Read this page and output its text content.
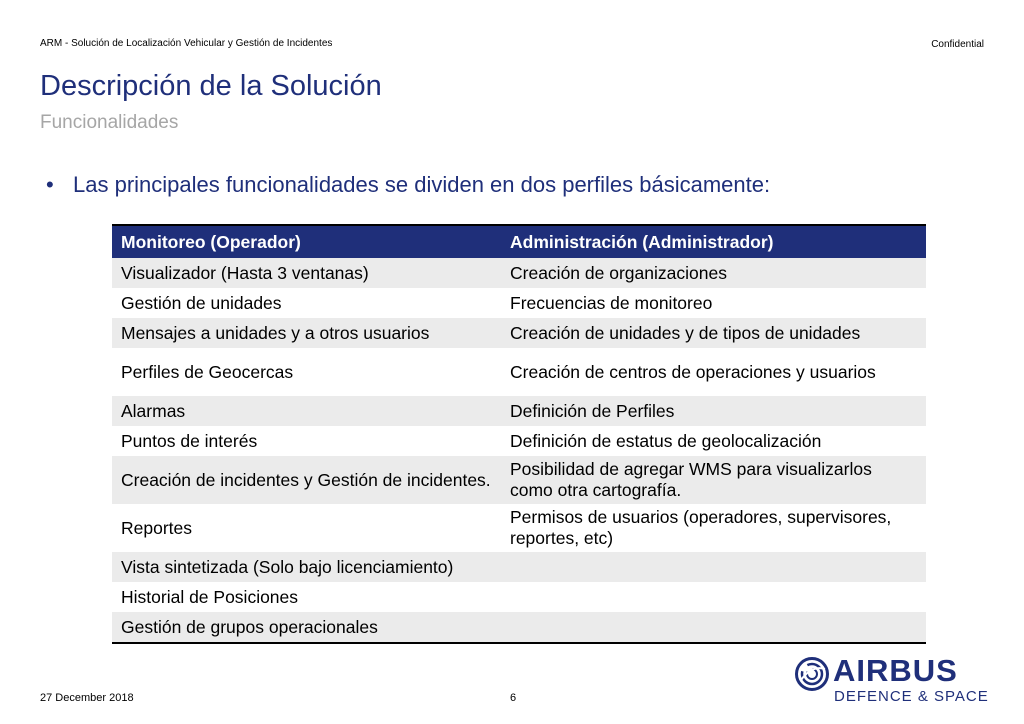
ARM - Solución de Localización Vehicular y Gestión de Incidentes	Confidential
Descripción de la Solución
Funcionalidades
• Las principales funcionalidades se dividen en dos perfiles básicamente:
Monitoreo (Operador)	Administración (Administrador)
Visualizador (Hasta 3 ventanas)	Creación de organizaciones
Gestión de unidades	Frecuencias de monitoreo
Mensajes a unidades y a otros usuarios	Creación de unidades y de tipos de unidades
Perfiles de Geocercas	Creación de centros de operaciones y usuarios
Alarmas	Definición de Perfiles
Puntos de interés	Definición de estatus de geolocalización
Creación de incidentes y Gestión de incidentes.	Posibilidad de agregar WMS para visualizarlos como otra cartografía.
Reportes	Permisos de usuarios (operadores, supervisores, reportes, etc)
Vista sintetizada (Solo bajo licenciamiento)	
Historial de Posiciones	
Gestión de grupos operacionales	
27 December 2018	6
AIRBUS
DEFENCE & SPACE
